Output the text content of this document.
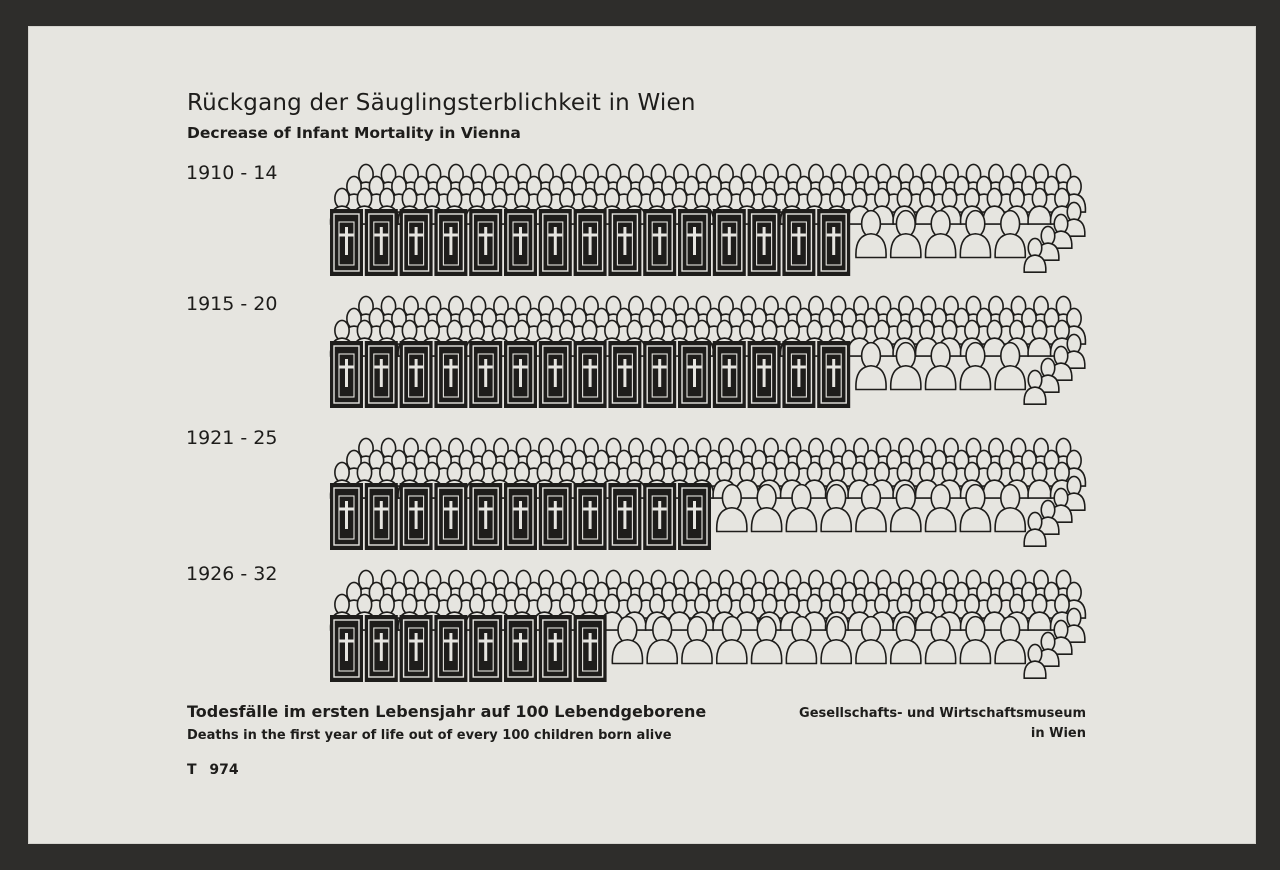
Rückgang der Säuglingsterblichkeit in Wien
Decrease of Infant Mortality in Vienna
1910 - 14
1915 - 20
1921 - 25
1926 - 32
Todesfälle im ersten Lebensjahr auf 100 Lebendgeborene
Deaths in the first year of life out of every 100 children born alive
Gesellschafts- und Wirtschaftsmuseum
in Wien
T 974
